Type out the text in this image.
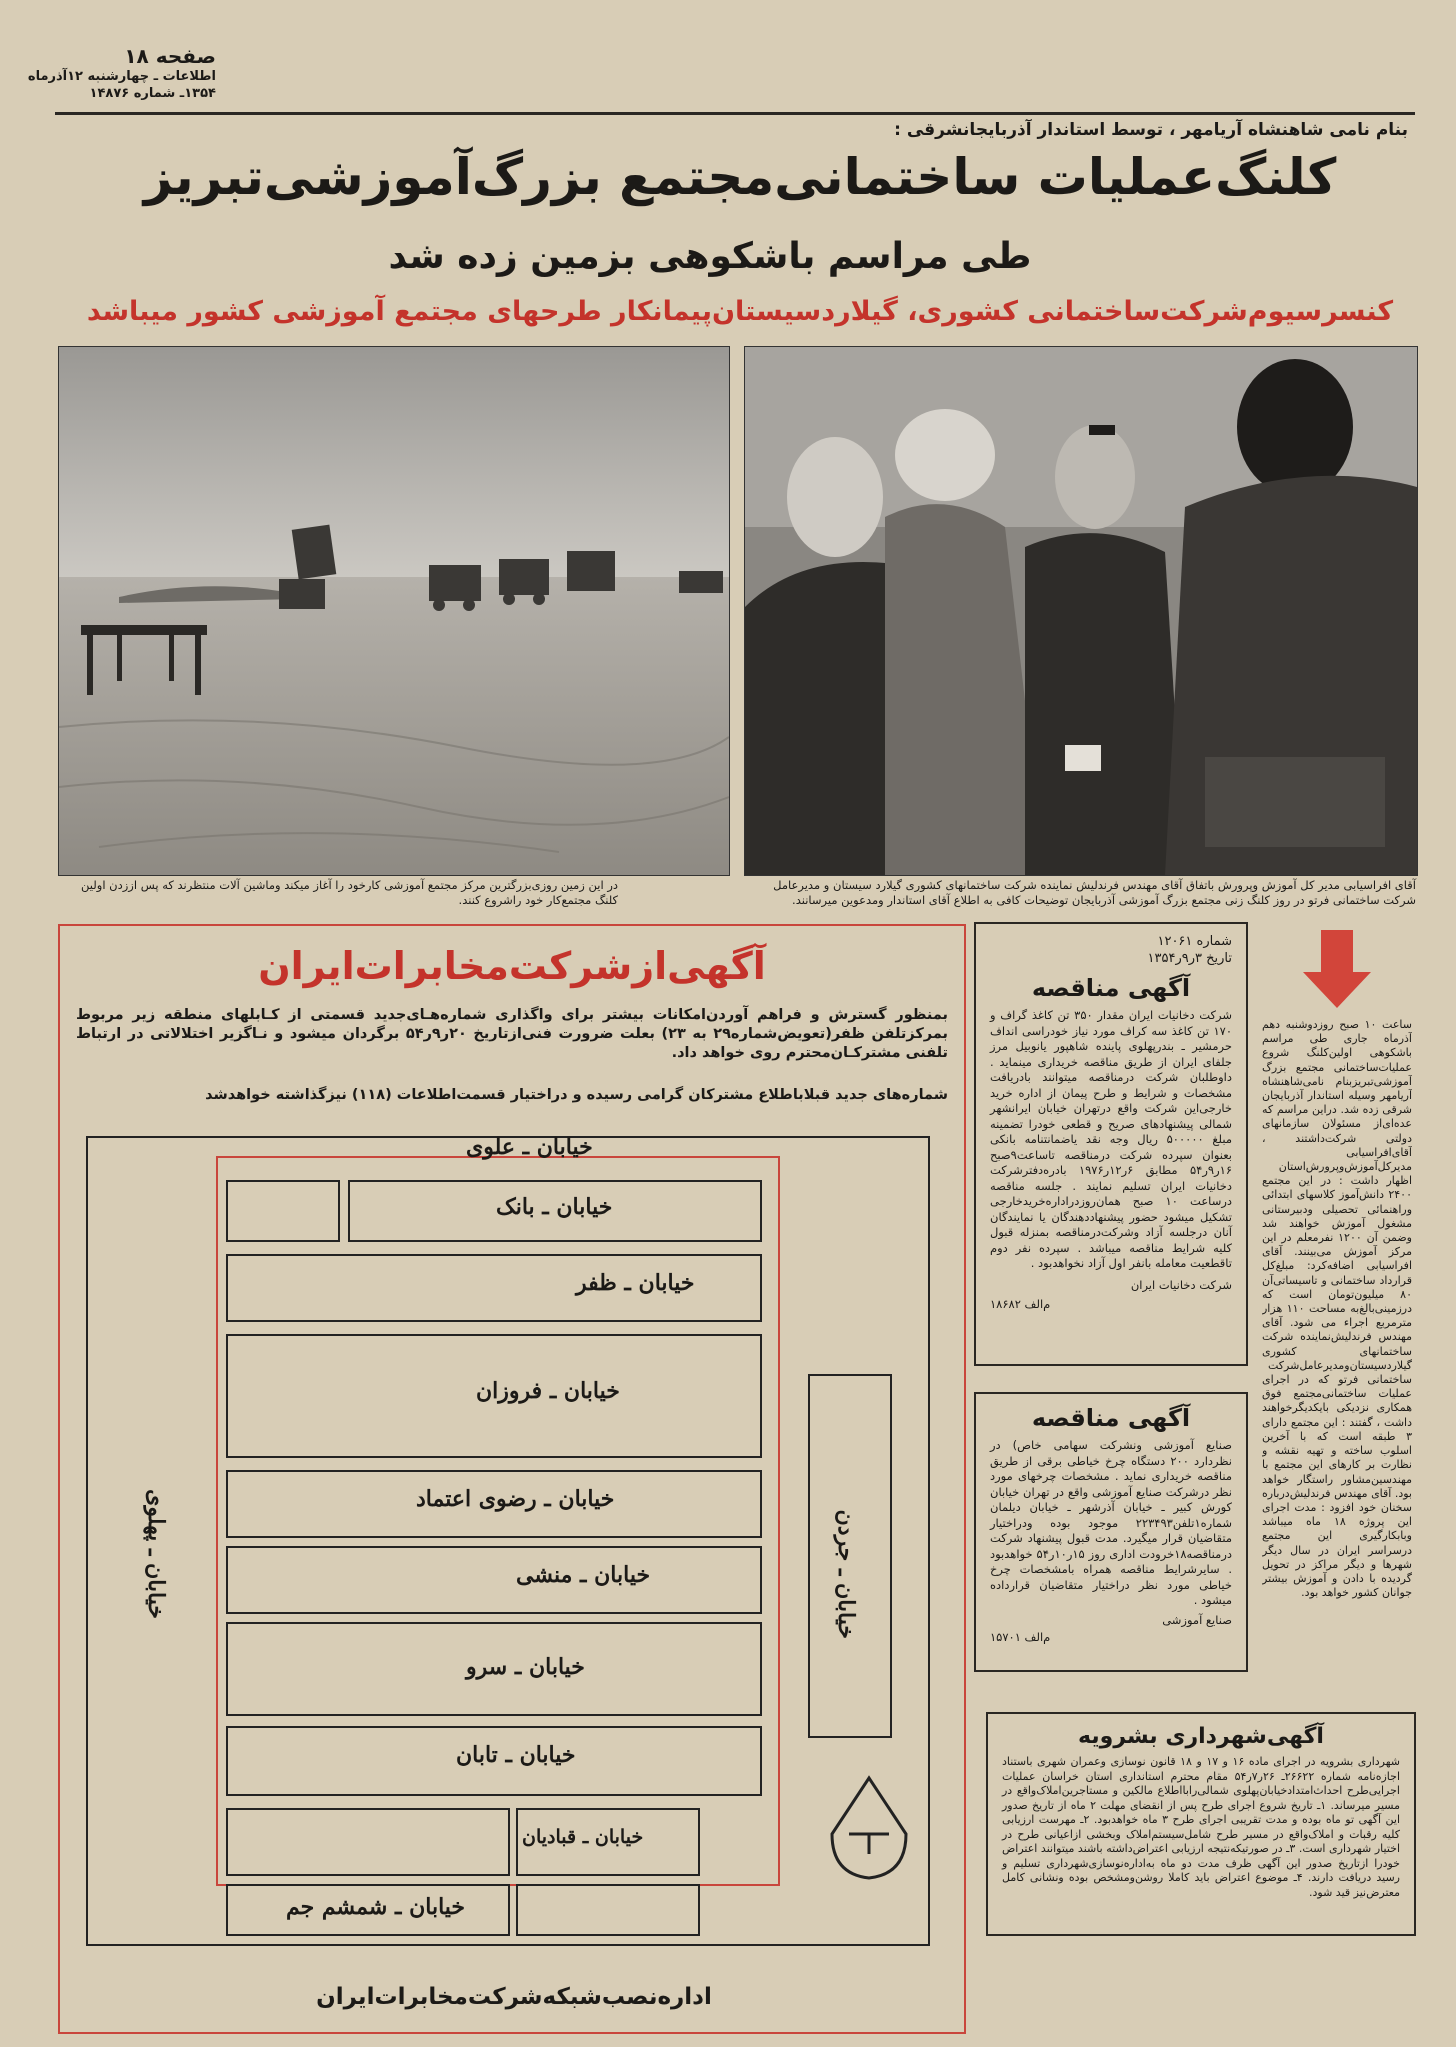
صفحه ۱۸
اطلاعات ـ چهارشنبه ۱۲آذرماه
۱۳۵۴ـ شماره ۱۴۸۷۶
بنام نامی شاهنشاه آریامهر ، توسط استاندار آذربایجانشرقی :
کلنگ‌عملیات ساختمانی‌مجتمع بزرگ‌آموزشی‌تبریز
طی مراسم باشکوهی بزمین زده شد
کنسرسیوم‌شرکت‌ساختمانی کشوری، گیلاردسیستان‌پیمانکار طرحهای مجتمع آموزشی کشور میباشد
در این زمین روزی‌بزرگترین مرکز مجتمع آموزشی کارخود را آغاز میکند وماشین آلات منتظرند که پس اززدن اولین کلنگ مجتمع‌کار خود راشروع کنند.
آقای افراسیابی مدیر کل آموزش وپرورش باتفاق آقای مهندس فرندلیش نماینده شرکت ساختمانهای کشوری گیلارد سیستان و مدیرعامل شرکت ساختمانی فرتو در روز کلنگ زنی مجتمع بزرگ آموزشی آذربایجان توضیحات کافی به اطلاع آقای استاندار ومدعوین میرسانند.
آگهی‌ازشرکت‌مخابرات‌ایران
بمنظور گسترش و فراهم آوردن‌امکانات بیشتر برای واگذاری شماره‌هـای‌جدید قسمتی از کـابلهای منطقه زیر مربوط بمرکز‌تلفن ظفر(تعویض‌شماره۲۹ به ۲۳) بعلت ضرورت فنی‌ازتاریخ ۲۰ر۹ر۵۴ برگردان میشود و نـاگزیر اختلالاتی در ارتباط تلفنی مشترکـان‌محترم روی خواهد داد.
شماره‌های جدید قبلاباطلاع مشترکان گرامی رسیده و دراختیار قسمت‌اطلاعات (۱۱۸) نیزگذاشته خواهدشد
خیابان ـ علوی
خیابان ـ بانک
خیابان ـ ظفر
خیابان ـ فروزان
خیابان ـ رضوی اعتماد
خیابان ـ منشی
خیابان ـ سرو
خیابان ـ تابان
خیابان ـ قبادیان
خیابان ـ شمشم جم
خیابان ـ پهلوی	خیابان ـ جردن
اداره‌نصب‌شبکه‌شرکت‌مخابرات‌ایران
شماره ۱۲۰۶۱
تاریخ ۳ر۹ر۱۳۵۴
آگهی مناقصه
شرکت دخانیات ایران مقدار ۳۵۰ تن کاغذ گراف و ۱۷۰ تن کاغذ سه کراف مورد نیاز خودراسی انداف حرمشیر ـ بندرپهلوی پاینده شاهپور یانوبیل مرز جلفای ایران از طریق مناقصه خریداری مینماید . داوطلبان شرکت درمناقصه میتوانند بادریافت مشخصات و شرایط و طرح پیمان از اداره خرید خارجی‌این شرکت واقع درتهران خیابان ایرانشهر شمالی پیشنهادهای صریح و قطعی خودرا تضمینه مبلغ ۵۰۰۰۰۰ ریال وجه نقد یاضمانتنامه بانکی بعنوان سپرده شرکت درمناقصه تاساعت۹صبح ۱۶ر۹ر۵۴ مطابق ۶ر۱۲ر۱۹۷۶ بادره‌دفترشرکت دخانیات ایران تسلیم نمایند . جلسه مناقصه درساعت ۱۰ صبح همان‌روزدراداره‌خریدخارجی تشکیل میشود حضور پیشنهاددهندگان یا نمایندگان آنان درجلسه آزاد وشرکت‌درمناقصه بمنزله قبول کلیه شرایط مناقصه میباشد . سپرده نفر دوم تاقطعیت معامله بانفر اول آزاد نخواهدبود .
شرکت دخانیات ایران
م‌الف ۱۸۶۸۲
آگهی مناقصه
صنایع آموزشی ونشرکت سهامی خاص) در نظردارد ۲۰۰ دستگاه چرخ خیاطی برقی از طریق مناقصه خریداری نماید . مشخصات چرخهای مورد نظر درشرکت صنایع آموزشی واقع در تهران خیابان کورش کبیر ـ خیابان آذرشهر ـ خیابان دیلمان شماره۱تلفن۲۲۳۴۹۳ موجود بوده ودراختیار متقاضیان قرار میگیرد. مدت قبول پیشنهاد شرکت درمناقصه۱۸خرودت اداری روز ۱۵ر۱۰ر۵۴ خواهدبود . سایرشرایط مناقصه همراه بامشخصات چرخ خیاطی مورد نظر دراختیار متقاضیان قرارداده میشود .
صنایع آموزشی
م‌الف ۱۵۷۰۱
ساعت ۱۰ صبح روزدوشنبه دهم آذرماه جاری طی مراسم باشکوهی اولین‌کلنگ شروع عملیات‌ساختمانی مجتمع بزرگ آموزشی‌تبریزبنام نامی‌شاهنشاه آریامهر وسیله استاندار آذربایجان شرقی زده شد. دراین مراسم که عده‌ای‌از مسئولان سازمانهای دولتی شرکت‌داشتند ، آقای‌افراسیابی مدیرکل‌آموزش‌وپرورش‌استان اظهار داشت : در این مجتمع ۲۴۰۰ دانش‌آموز کلاسهای ابتدائی وراهنمائی تحصیلی ودبیرستانی مشغول آموزش خواهند شد وضمن آن ۱۲۰۰ نفرمعلم در این مرکز آموزش می‌بینند. آقای افراسیابی اضافه‌کرد: مبلغ‌کل قرارداد ساختمانی و تاسیساتی‌آن ۸۰ میلیون‌تومان است که درزمینی‌بالغ‌به مساحت ۱۱۰ هزار مترمربع اجراء می شود. آقای مهندس فرندلیش‌نماینده شرکت ساختمانهای کشوری گیلاردسیستان‌ومدیرعامل‌شرکت ساختمانی فرتو که در اجرای عملیات ساختمانی‌مجتمع‌ فوق همکاری نزدیکی بایکدیگرخواهند داشت ، گفتند : این مجتمع دارای ۳ طبقه است که با آخرین اسلوب ساخته و تهیه نقشه و نظارت بر کارهای این مجتمع با مهندسین‌مشاور راستگار خواهد بود. آقای مهندس فرندلیش‌درباره سخنان خود افزود : مدت اجرای این پروژه ۱۸ ماه میباشد وبابکارگیری این مجتمع درسراسر ایران در سال دیگر شهرها و دیگر مراکز در تحویل گردیده با دادن و آموزش بیشتر جوانان کشور خواهد بود.
آگهی‌شهرداری بشرویه
شهرداری بشرویه در اجرای ماده ۱۶ و ۱۷ و ۱۸ قانون نوسازی وعمران شهری باستناد اجازه‌نامه شماره ۲۶۶۲۲ـ ۲۶ر۷ر۵۴ مقام محترم استانداری استان خراسان عملیات اجرایی‌طرح احداث‌امتدادخیابان‌پهلوی شمالی‌رابا‌اطلاع مالکین و مستاجرین‌املاک‌واقع در مسیر میرساند. ۱ـ تاریخ شروع اجرای طرح پس از انقضای مهلت ۲ ماه از تاریخ صدور این آگهی تو ماه بوده و مدت تقریبی اجرای طرح ۳ ماه خواهدبود. ۲ـ مهرست ارزیابی کلیه رقبات و املاک‌واقع در مسیر طرح شامل‌سیستم‌املاک وبخشی ازاعیانی طرح در اختیار شهرداری است. ۳ـ در صورتیکه‌نتیجه ارزیابی اعتراض‌داشته باشند میتوانند اعتراض خودرا ازتاریخ صدور این آگهی ظرف مدت دو ماه به‌اداره‌نوسازی‌شهرداری تسلیم و رسید دریافت دارند. ۴ـ موضوع اعتراض باید کاملا روشن‌ومشخص بوده ونشانی کامل معترض‌نیز قید شود.
